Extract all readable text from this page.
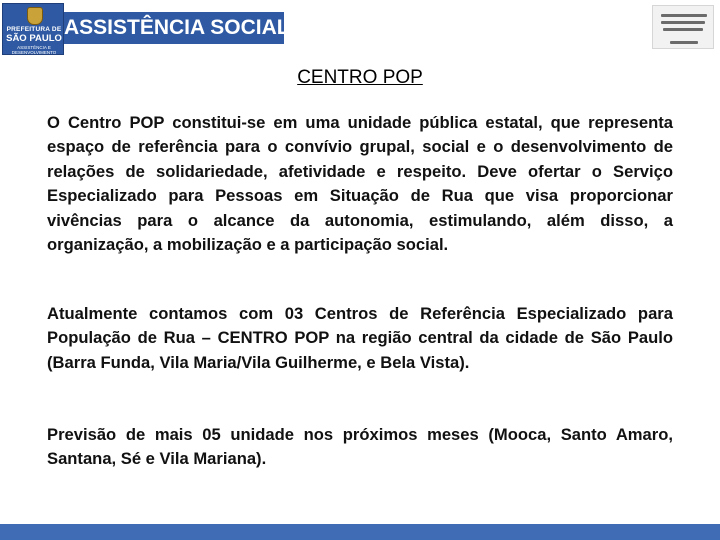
PREFEITURA DE
SÃO PAULO
ASSISTÊNCIA E DESENVOLVIMENTO SOCIAL
ASSISTÊNCIA SOCIAL
CENTRO POP

O Centro POP constitui-se em uma unidade pública estatal, que representa espaço de referência para o convívio grupal, social e o desenvolvimento de relações de solidariedade, afetividade e respeito. Deve ofertar o Serviço Especializado para Pessoas em Situação de Rua que visa proporcionar vivências para o alcance da autonomia, estimulando, além disso, a organização, a mobilização e a participação social.

Atualmente contamos com 03 Centros de Referência Especializado para População de Rua – CENTRO POP na região central da cidade de São Paulo (Barra Funda, Vila Maria/Vila Guilherme, e Bela Vista).

Previsão de mais 05 unidade nos próximos meses (Mooca, Santo Amaro, Santana, Sé e Vila Mariana).
